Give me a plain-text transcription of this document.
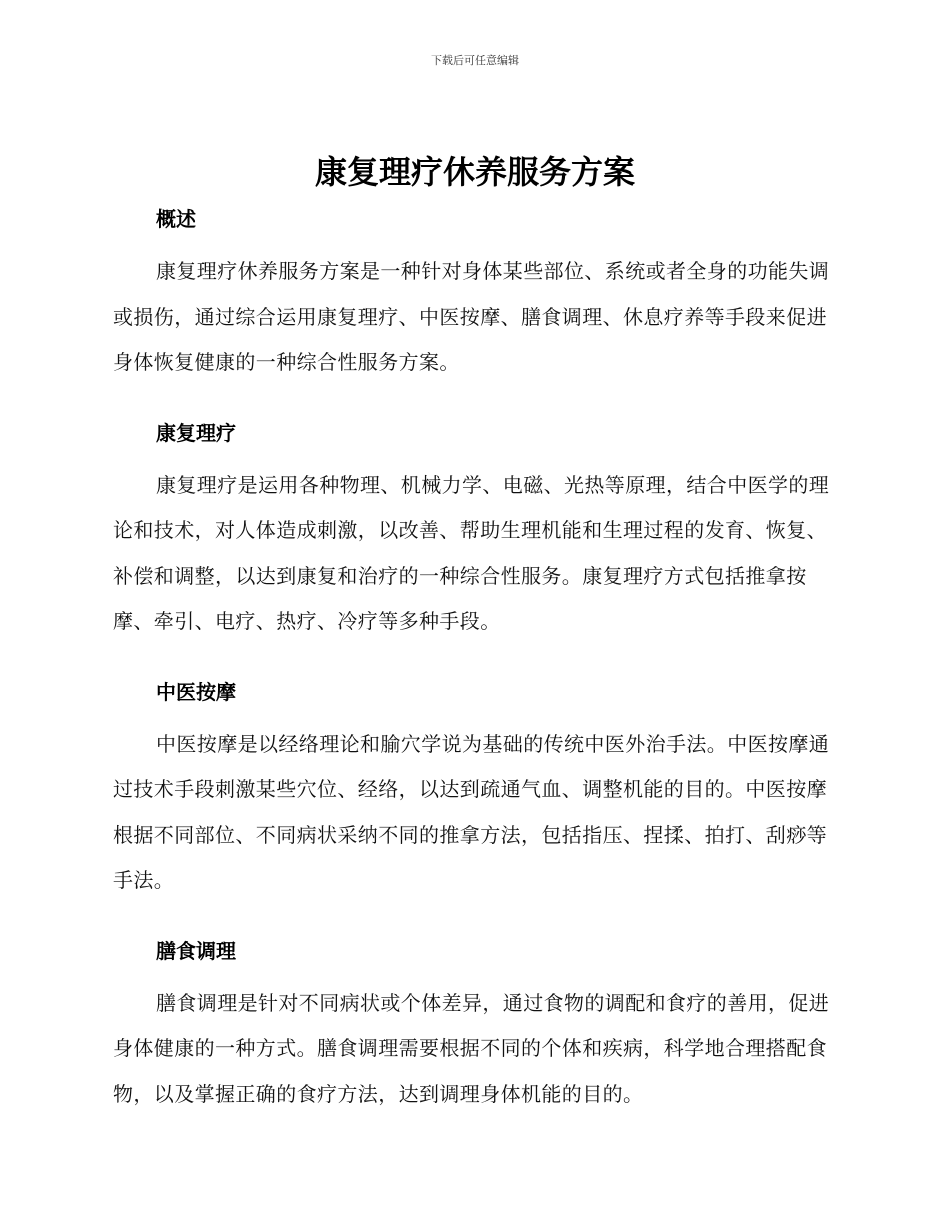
下载后可任意编辑
康复理疗休养服务方案
概述

康复理疗休养服务方案是一种针对身体某些部位、系统或者全身的功能失调或损伤，通过综合运用康复理疗、中医按摩、膳食调理、休息疗养等手段来促进身体恢复健康的一种综合性服务方案。

康复理疗

康复理疗是运用各种物理、机械力学、电磁、光热等原理，结合中医学的理论和技术，对人体造成刺激，以改善、帮助生理机能和生理过程的发育、恢复、补偿和调整，以达到康复和治疗的一种综合性服务。康复理疗方式包括推拿按摩、牵引、电疗、热疗、冷疗等多种手段。

中医按摩

中医按摩是以经络理论和腧穴学说为基础的传统中医外治手法。中医按摩通过技术手段刺激某些穴位、经络，以达到疏通气血、调整机能的目的。中医按摩根据不同部位、不同病状采纳不同的推拿方法，包括指压、捏揉、拍打、刮痧等手法。

膳食调理

膳食调理是针对不同病状或个体差异，通过食物的调配和食疗的善用，促进身体健康的一种方式。膳食调理需要根据不同的个体和疾病，科学地合理搭配食物，以及掌握正确的食疗方法，达到调理身体机能的目的。
